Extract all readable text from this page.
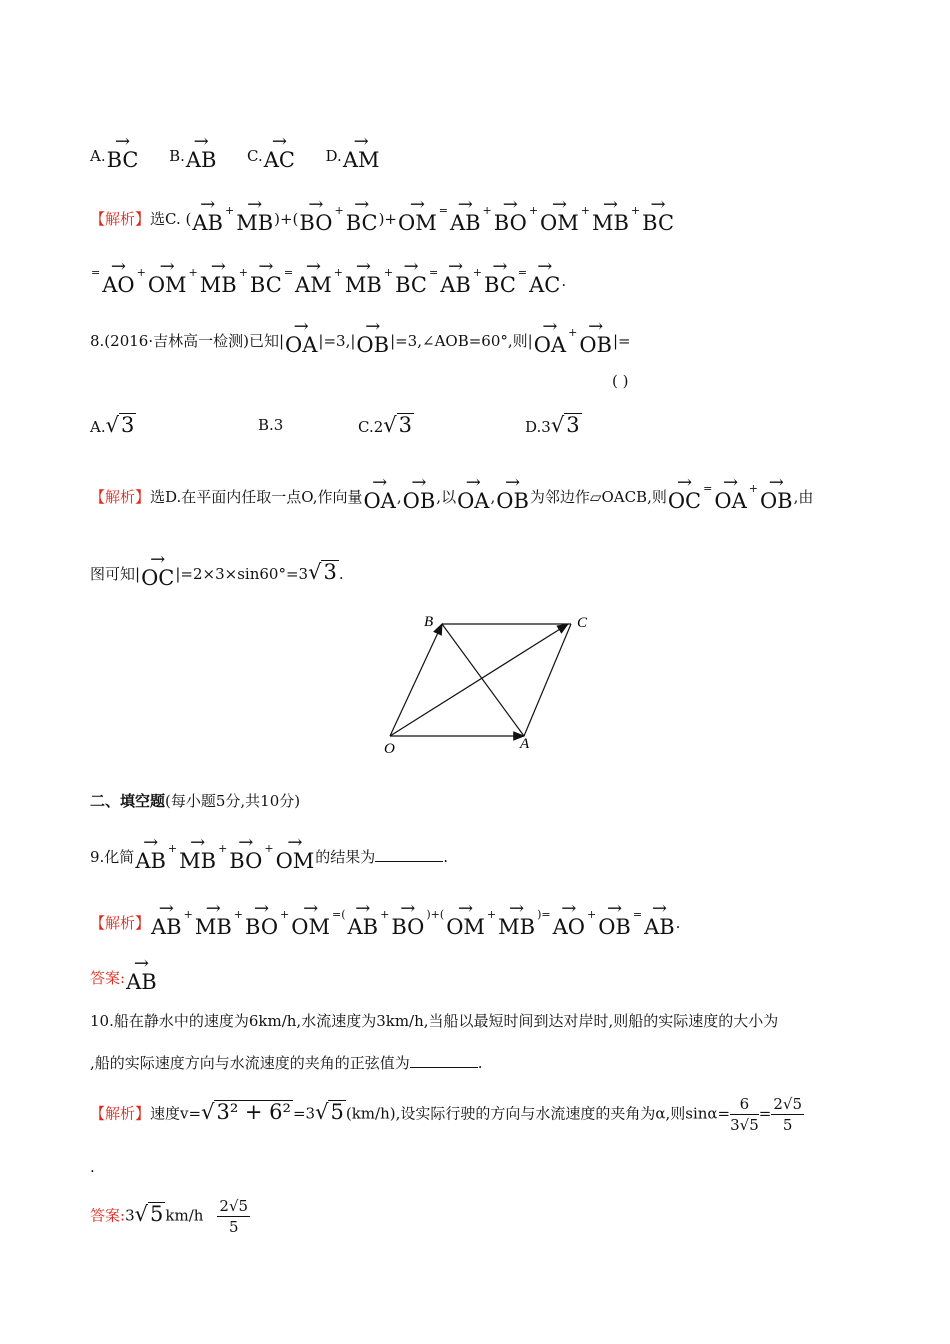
A.→ BC B.→ AB C.→ AC D.→ AM
【解析】选C. (→ AB+→ MB)+(→ BO+→ BC)+→ OM=→ AB+→ BO+→ OM+→ MB+→ BC
=→ AO+→ OM+→ MB+→ BC=→ AM+→ MB+→ BC=→ AB+→ BC=→ AC.
8.(2016·吉林高一检测)已知|→ OA|=3,|→ OB|=3,∠AOB=60°,则|→ OA+→ OB|=
( )
A.√3	B.3	C.2√3	D.3√3
【解析】选D.在平面内任取一点O,作向量→ OA,→ OB,以→ OA,→ OB为邻边作▱OACB,则→ OC=→ OA+→ OB,由
图可知|→ OC|=2×3×sin60°=3√3 .
B	C
O	A
二、填空题(每小题5分,共10分)
9.化简→ AB+→ MB+→ BO+→ OM的结果为	.
【解析】→ AB+→ MB+→ BO+→ OM=(→ AB+→ BO)+(→ OM+→ MB)=→ AO+→ OB=→ AB.
答案:→ AB
10.船在静水中的速度为6km/h,水流速度为3km/h,当船以最短时间到达对岸时,则船的实际速度的大小为
,船的实际速度方向与水流速度的夹角的正弦值为	.
【解析】速度v=√3² + 6² =3√5 (km/h),设实际行驶的方向与水流速度的夹角为α,则$\sin\alpha= \frac{6}{3√5} = \frac{2√5}{5}$
.
答案:3√5 $km/h \frac{2√5}{5}$
